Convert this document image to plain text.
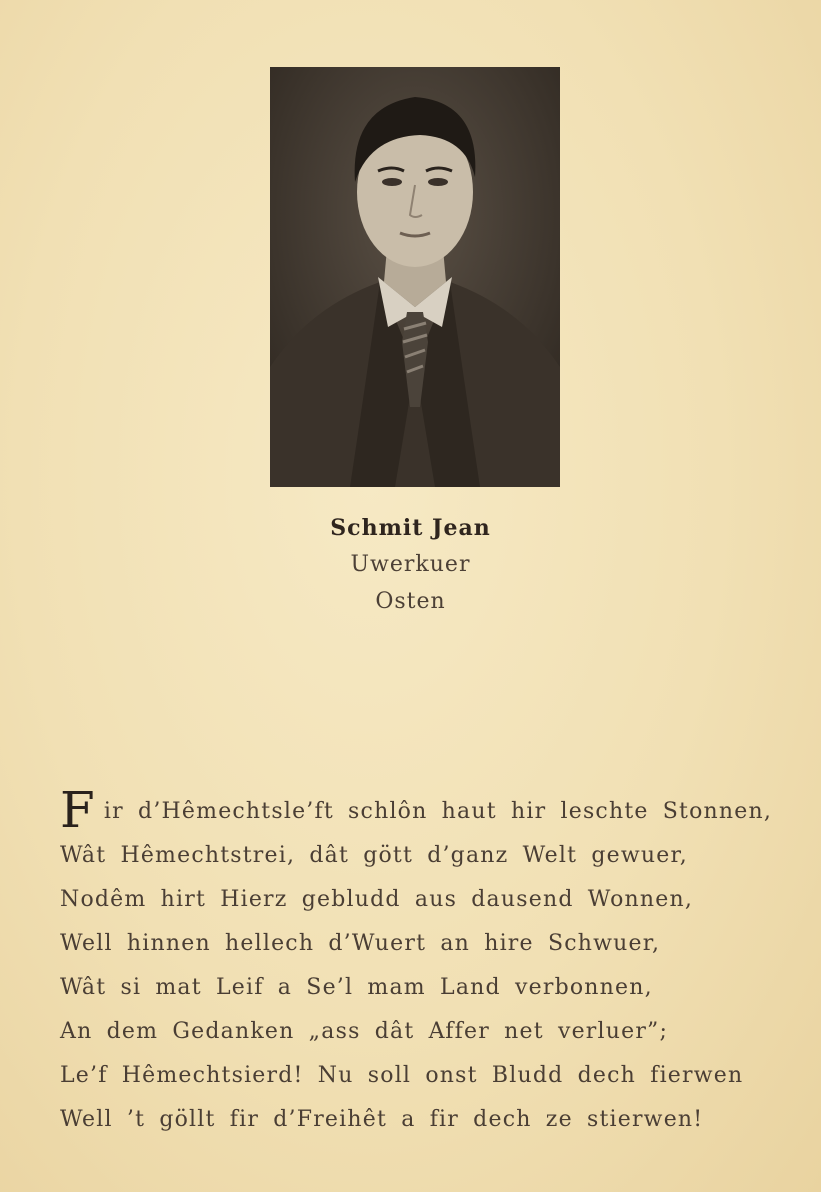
Schmit Jean
Uwerkuer
Osten
Fir d’Hêmechtsle’ft schlôn haut hir leschte Stonnen,
Wât Hêmechtstrei, dât gött d’ganz Welt gewuer,
Nodêm hirt Hierz gebludd aus dausend Wonnen,
Well hinnen hellech d’Wuert an hire Schwuer,
Wât si mat Leif a Se’l mam Land verbonnen,
An dem Gedanken „ass dât Affer net verluer”;
Le’f Hêmechtsierd! Nu soll onst Bludd dech fierwen
Well ’t göllt fir d’Freihêt a fir dech ze stierwen!
